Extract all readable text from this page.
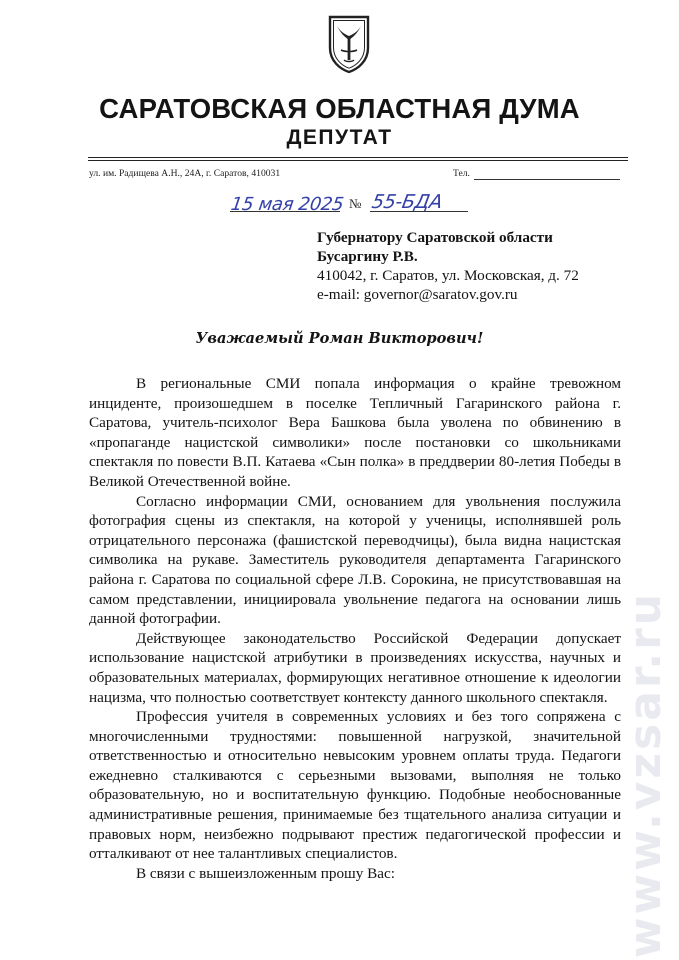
САРАТОВСКАЯ ОБЛАСТНАЯ ДУМА
ДЕПУТАТ
ул. им. Радищева А.Н., 24А, г. Саратов, 410031	Тел.
15 мая 2025 № 55-БДА
Губернатору Саратовской области
Бусаргину Р.В.
410042, г. Саратов, ул. Московская, д. 72
e-mail: governor@saratov.gov.ru
Уважаемый Роман Викторович!

В региональные СМИ попала информация о крайне тревожном инциденте, произошедшем в поселке Тепличный Гагаринского района г. Саратова, учитель-психолог Вера Башкова была уволена по обвинению в «пропаганде нацистской символики» после постановки со школьниками спектакля по повести В.П. Катаева «Сын полка» в преддверии 80-летия Победы в Великой Отечественной войне.

Согласно информации СМИ, основанием для увольнения послужила фотография сцены из спектакля, на которой у ученицы, исполнявшей роль отрицательного персонажа (фашистской переводчицы), была видна нацистская символика на рукаве. Заместитель руководителя департамента Гагаринского района г. Саратова по социальной сфере Л.В. Сорокина, не присутствовавшая на самом представлении, инициировала увольнение педагога на основании лишь данной фотографии.

Действующее законодательство Российской Федерации допускает использование нацистской атрибутики в произведениях искусства, научных и образовательных материалах, формирующих негативное отношение к идеологии нацизма, что полностью соответствует контексту данного школьного спектакля.

Профессия учителя в современных условиях и без того сопряжена с многочисленными трудностями: повышенной нагрузкой, значительной ответственностью и относительно невысоким уровнем оплаты труда. Педагоги ежедневно сталкиваются с серьезными вызовами, выполняя не только образовательную, но и воспитательную функцию. Подобные необоснованные административные решения, принимаемые без тщательного анализа ситуации и правовых норм, неизбежно подрывают престиж педагогической профессии и отталкивают от нее талантливых специалистов.

В связи с вышеизложенным прошу Вас:	www.vzsar.ru
